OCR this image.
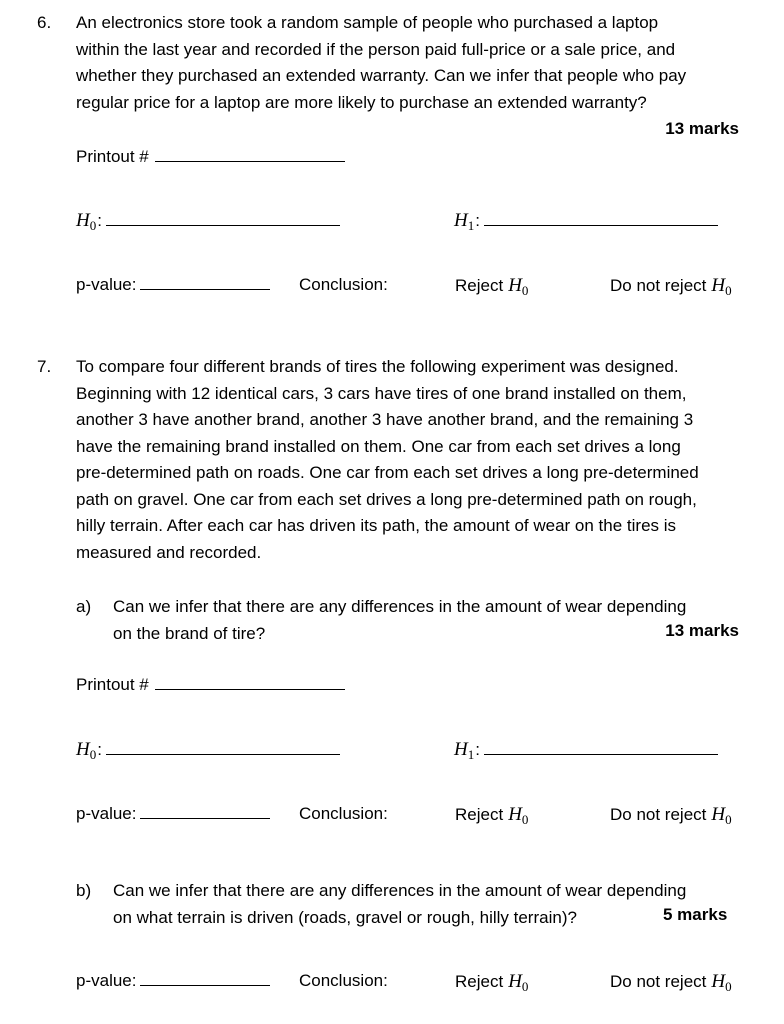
6. An electronics store took a random sample of people who purchased a laptop
within the last year and recorded if the person paid full-price or a sale price, and
whether they purchased an extended warranty. Can we infer that people who pay
regular price for a laptop are more likely to purchase an extended warranty?
13 marks
Printout #
$H_0$ :	$H_1$ :
p-value:	Conclusion:	Reject $H_0$	Do not reject $H_0$
7. To compare four different brands of tires the following experiment was designed.
Beginning with 12 identical cars, 3 cars have tires of one brand installed on them,
another 3 have another brand, another 3 have another brand, and the remaining 3
have the remaining brand installed on them. One car from each set drives a long
pre-determined path on roads. One car from each set drives a long pre-determined
path on gravel. One car from each set drives a long pre-determined path on rough,
hilly terrain. After each car has driven its path, the amount of wear on the tires is
measured and recorded.
a) Can we infer that there are any differences in the amount of wear depending
on the brand of tire?	13 marks
Printout #
$H_0$ :	$H_1$ :
p-value:	Conclusion:	Reject $H_0$	Do not reject $H_0$
b) Can we infer that there are any differences in the amount of wear depending
on what terrain is driven (roads, gravel or rough, hilly terrain)?	5 marks
p-value:	Conclusion:	Reject $H_0$	Do not reject $H_0$
